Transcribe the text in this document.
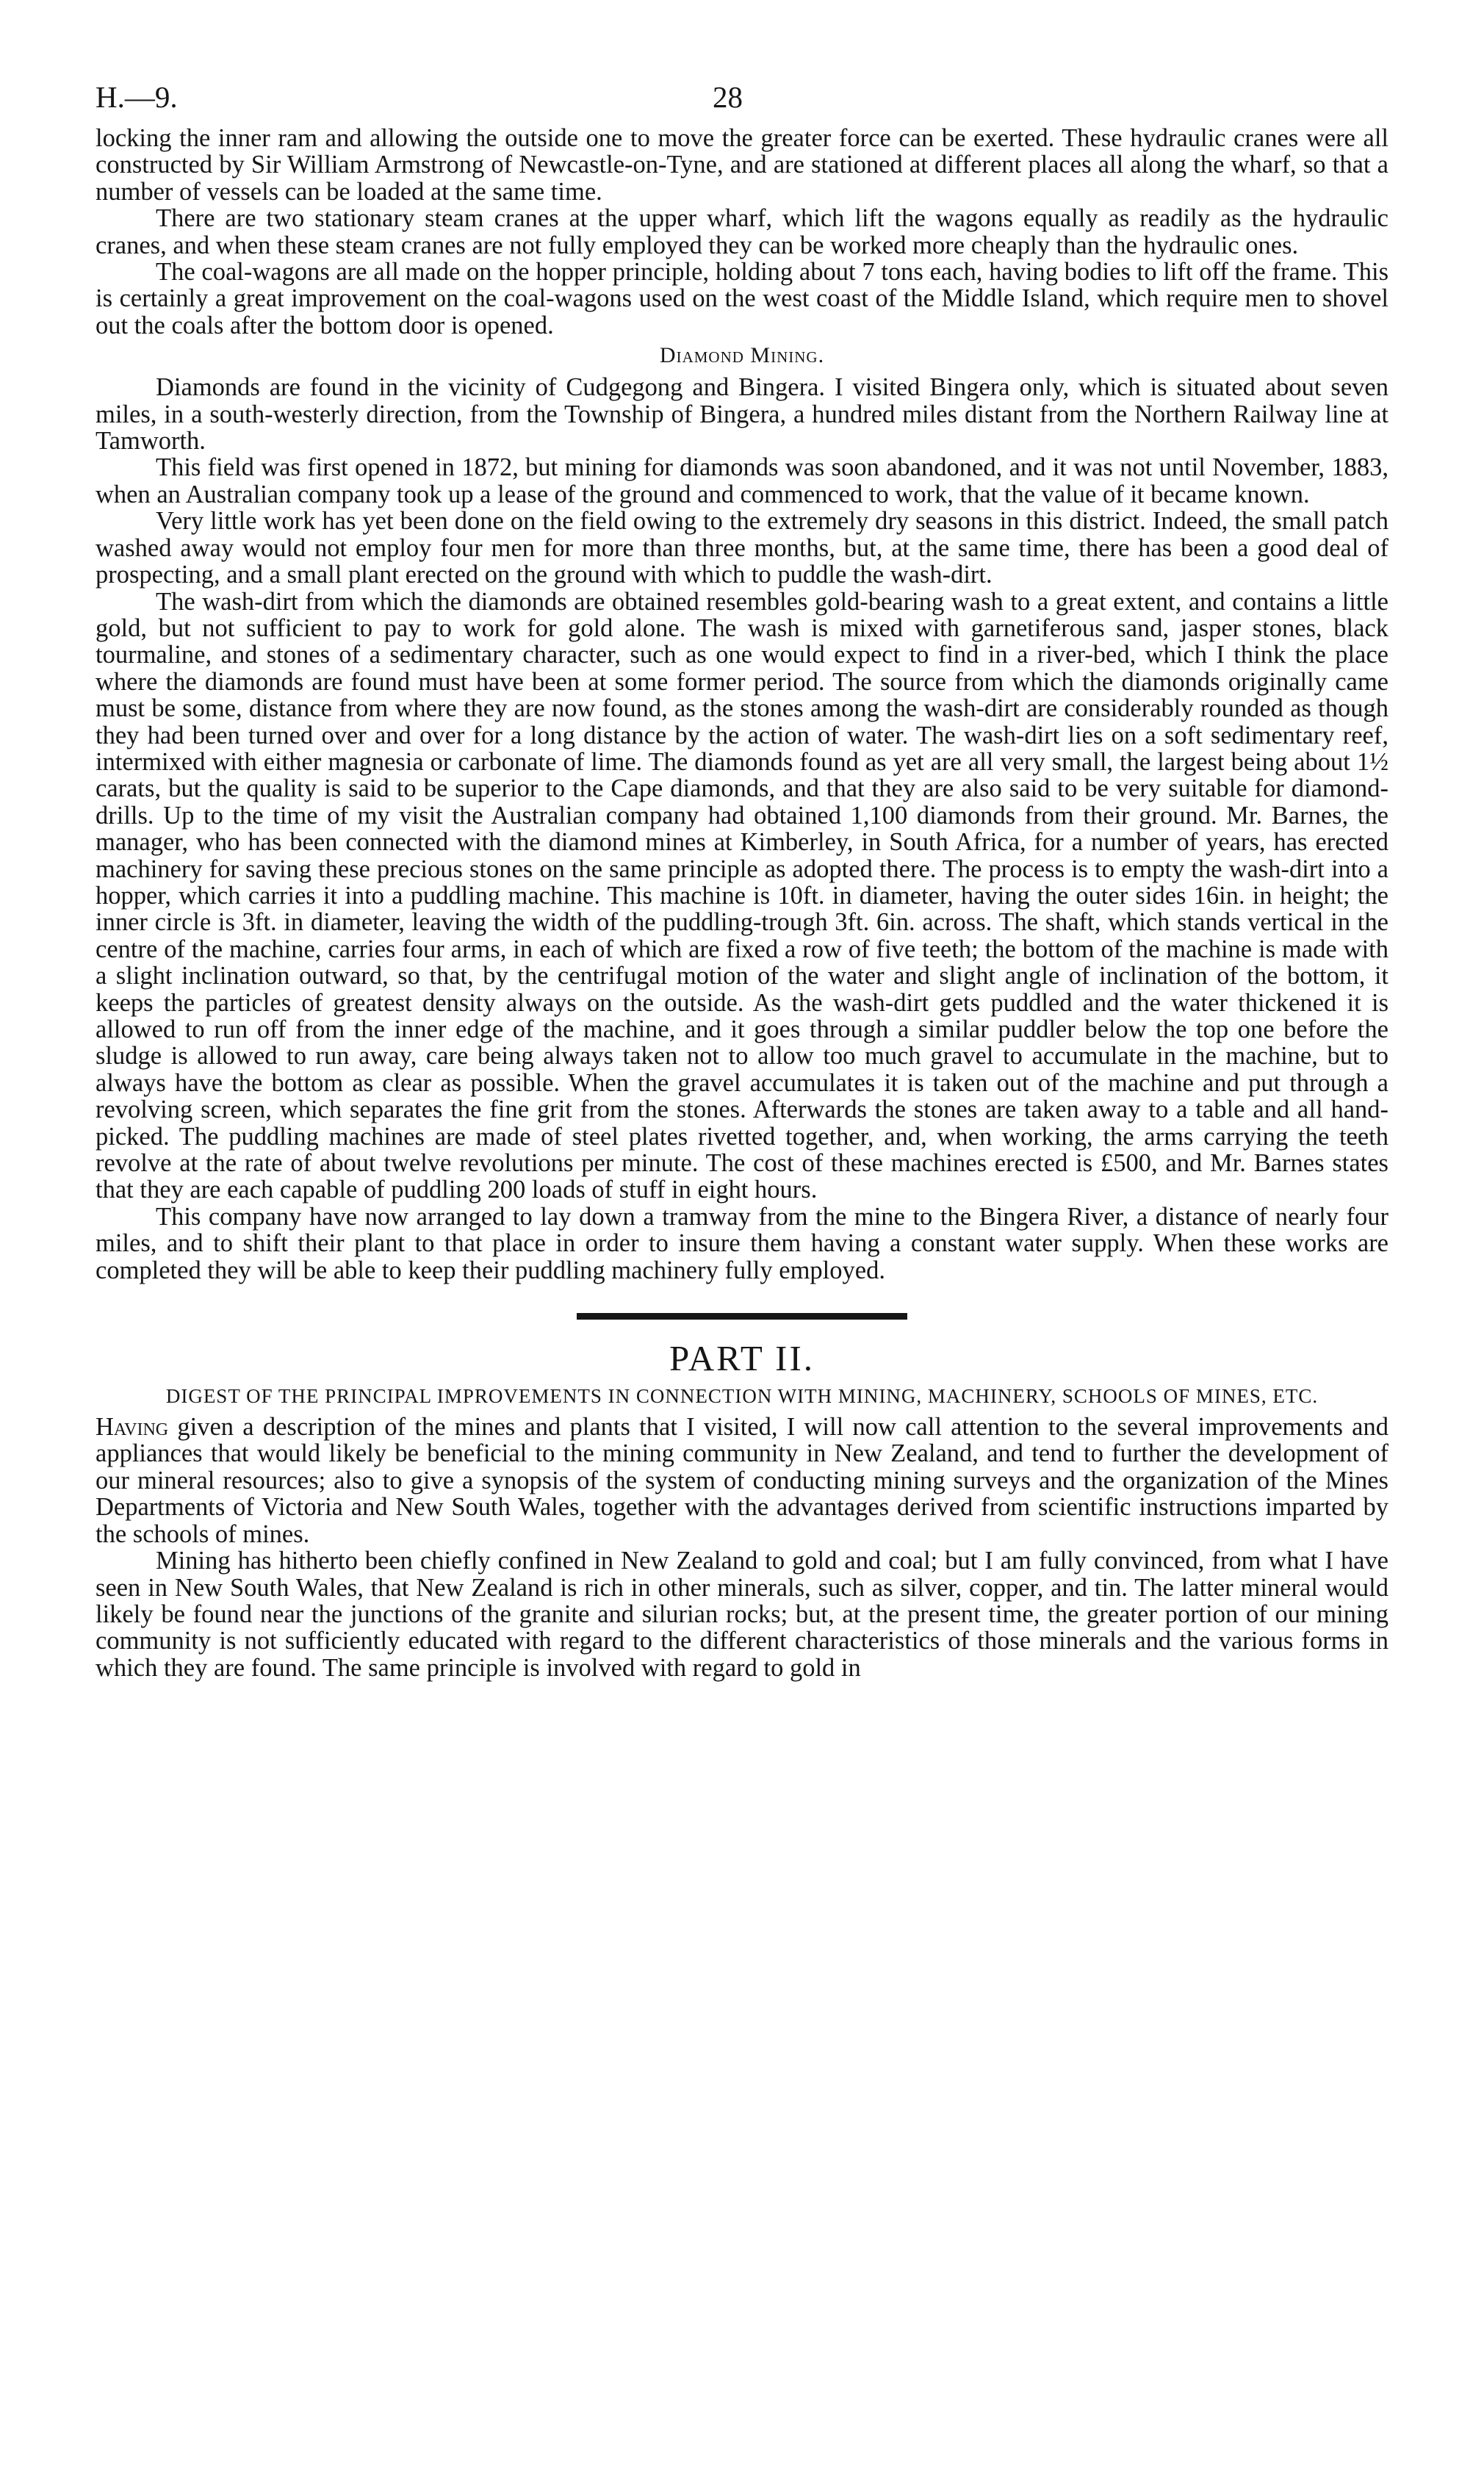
H.—9.	28

locking the inner ram and allowing the outside one to move the greater force can be exerted. These hydraulic cranes were all constructed by Sir William Armstrong of Newcastle-on-Tyne, and are stationed at different places all along the wharf, so that a number of vessels can be loaded at the same time.

There are two stationary steam cranes at the upper wharf, which lift the wagons equally as readily as the hydraulic cranes, and when these steam cranes are not fully employed they can be worked more cheaply than the hydraulic ones.

The coal-wagons are all made on the hopper principle, holding about 7 tons each, having bodies to lift off the frame. This is certainly a great improvement on the coal-wagons used on the west coast of the Middle Island, which require men to shovel out the coals after the bottom door is opened.

Diamond Mining.

Diamonds are found in the vicinity of Cudgegong and Bingera. I visited Bingera only, which is situated about seven miles, in a south-westerly direction, from the Township of Bingera, a hundred miles distant from the Northern Railway line at Tamworth.

This field was first opened in 1872, but mining for diamonds was soon abandoned, and it was not until November, 1883, when an Australian company took up a lease of the ground and commenced to work, that the value of it became known.

Very little work has yet been done on the field owing to the extremely dry seasons in this district. Indeed, the small patch washed away would not employ four men for more than three months, but, at the same time, there has been a good deal of prospecting, and a small plant erected on the ground with which to puddle the wash-dirt.

The wash-dirt from which the diamonds are obtained resembles gold-bearing wash to a great extent, and contains a little gold, but not sufficient to pay to work for gold alone. The wash is mixed with garnetiferous sand, jasper stones, black tourmaline, and stones of a sedimentary character, such as one would expect to find in a river-bed, which I think the place where the diamonds are found must have been at some former period. The source from which the diamonds originally came must be some, distance from where they are now found, as the stones among the wash-dirt are considerably rounded as though they had been turned over and over for a long distance by the action of water. The wash-dirt lies on a soft sedimentary reef, intermixed with either magnesia or carbonate of lime. The diamonds found as yet are all very small, the largest being about 1½ carats, but the quality is said to be superior to the Cape diamonds, and that they are also said to be very suitable for diamond-drills. Up to the time of my visit the Australian company had obtained 1,100 diamonds from their ground. Mr. Barnes, the manager, who has been connected with the diamond mines at Kimberley, in South Africa, for a number of years, has erected machinery for saving these precious stones on the same principle as adopted there. The process is to empty the wash-dirt into a hopper, which carries it into a puddling machine. This machine is 10ft. in diameter, having the outer sides 16in. in height; the inner circle is 3ft. in diameter, leaving the width of the puddling-trough 3ft. 6in. across. The shaft, which stands vertical in the centre of the machine, carries four arms, in each of which are fixed a row of five teeth; the bottom of the machine is made with a slight inclination outward, so that, by the centrifugal motion of the water and slight angle of inclination of the bottom, it keeps the particles of greatest density always on the outside. As the wash-dirt gets puddled and the water thickened it is allowed to run off from the inner edge of the machine, and it goes through a similar puddler below the top one before the sludge is allowed to run away, care being always taken not to allow too much gravel to accumulate in the machine, but to always have the bottom as clear as possible. When the gravel accumulates it is taken out of the machine and put through a revolving screen, which separates the fine grit from the stones. Afterwards the stones are taken away to a table and all hand-picked. The puddling machines are made of steel plates rivetted together, and, when working, the arms carrying the teeth revolve at the rate of about twelve revolutions per minute. The cost of these machines erected is £500, and Mr. Barnes states that they are each capable of puddling 200 loads of stuff in eight hours.

This company have now arranged to lay down a tramway from the mine to the Bingera River, a distance of nearly four miles, and to shift their plant to that place in order to insure them having a constant water supply. When these works are completed they will be able to keep their puddling machinery fully employed.

PART II.
DIGEST OF THE PRINCIPAL IMPROVEMENTS IN CONNECTION WITH MINING, MACHINERY, SCHOOLS OF MINES, ETC.

Having given a description of the mines and plants that I visited, I will now call attention to the several improvements and appliances that would likely be beneficial to the mining community in New Zealand, and tend to further the development of our mineral resources; also to give a synopsis of the system of conducting mining surveys and the organization of the Mines Departments of Victoria and New South Wales, together with the advantages derived from scientific instructions imparted by the schools of mines.

Mining has hitherto been chiefly confined in New Zealand to gold and coal; but I am fully convinced, from what I have seen in New South Wales, that New Zealand is rich in other minerals, such as silver, copper, and tin. The latter mineral would likely be found near the junctions of the granite and silurian rocks; but, at the present time, the greater portion of our mining community is not sufficiently educated with regard to the different characteristics of those minerals and the various forms in which they are found. The same principle is involved with regard to gold in
